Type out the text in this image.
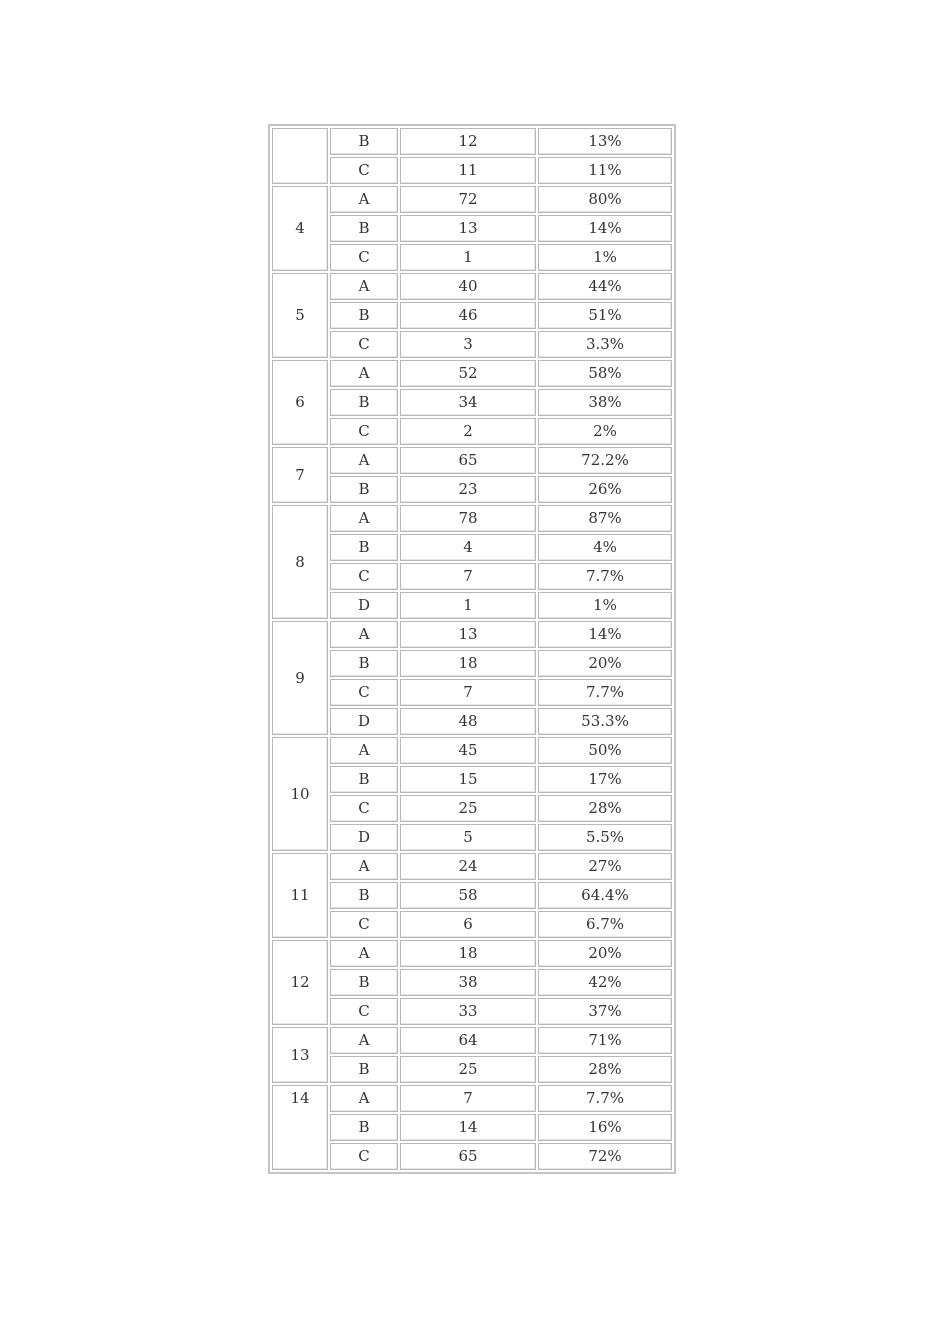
	B	12	13%
	C	11	11%
4	A	72	80%
	B	13	14%
	C	1	1%
5	A	40	44%
	B	46	51%
	C	3	3.3%
6	A	52	58%
	B	34	38%
	C	2	2%
7	A	65	72.2%
	B	23	26%
8	A	78	87%
	B	4	4%
	C	7	7.7%
	D	1	1%
9	A	13	14%
	B	18	20%
	C	7	7.7%
	D	48	53.3%
10	A	45	50%
	B	15	17%
	C	25	28%
	D	5	5.5%
11	A	24	27%
	B	58	64.4%
	C	6	6.7%
12	A	18	20%
	B	38	42%
	C	33	37%
13	A	64	71%
	B	25	28%
14	A	7	7.7%
	B	14	16%
	C	65	72%
